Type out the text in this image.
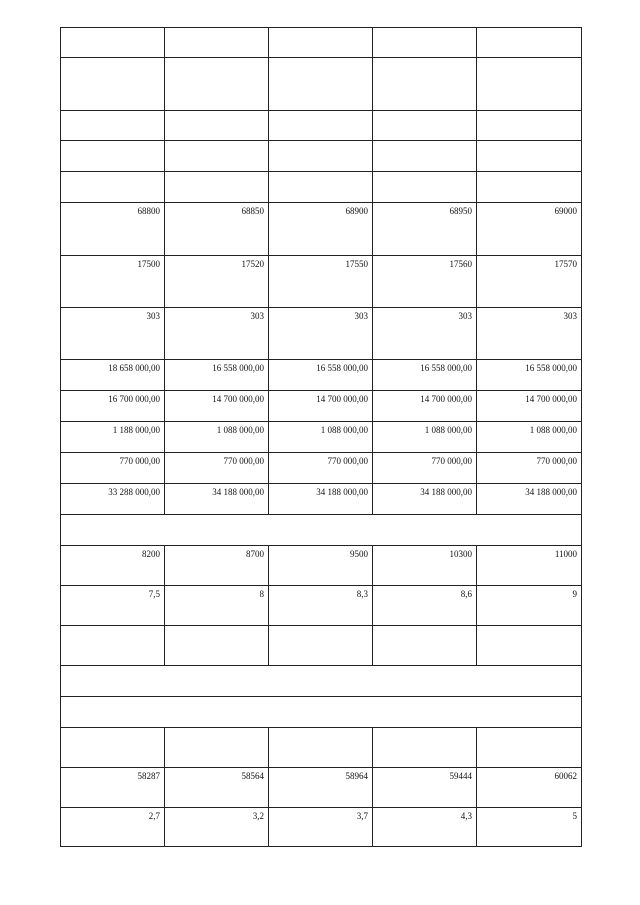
68800	68850	68900	68950	69000

17500	17520	17550	17560	17570

303	303	303	303	303

18 658 000,00	16 558 000,00	16 558 000,00	16 558 000,00	16 558 000,00

16 700 000,00	14 700 000,00	14 700 000,00	14 700 000,00	14 700 000,00

1 188 000,00	1 088 000,00	1 088 000,00	1 088 000,00	1 088 000,00

770 000,00	770 000,00	770 000,00	770 000,00	770 000,00

33 288 000,00	34 188 000,00	34 188 000,00	34 188 000,00	34 188 000,00

8200	8700	9500	10300	11000

7,5	8	8,3	8,6	9

58287	58564	58964	59444	60062

2,7	3,2	3,7	4,3	5
